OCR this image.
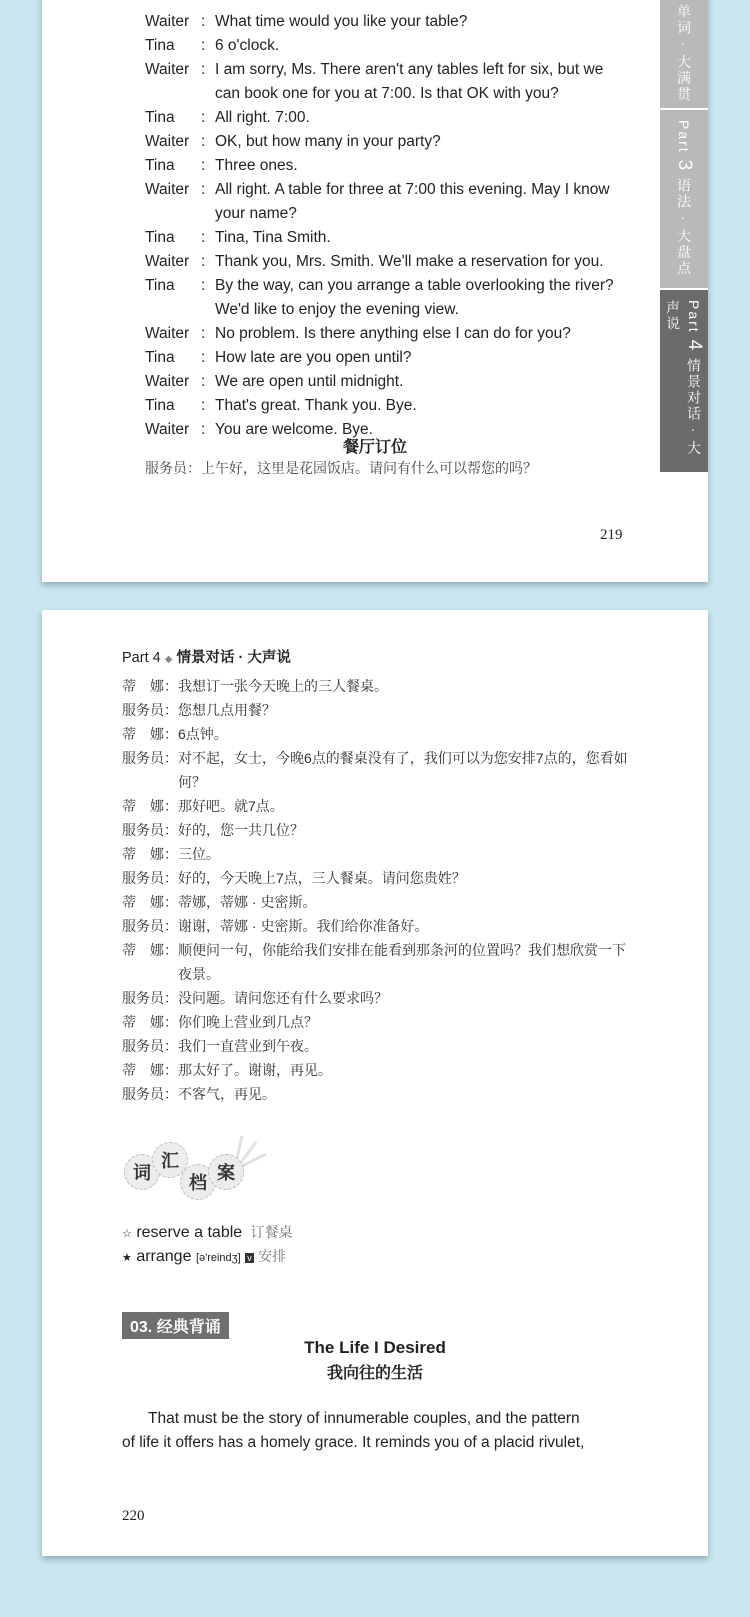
Waiter : What time would you like your table?
Tina	: 6 o'clock.
Waiter : I am sorry, Ms. There aren't any tables left for six, but we can book one for you at 7:00. Is that OK with you?
Tina	: All right. 7:00.
Waiter : OK, but how many in your party?
Tina	: Three ones.
Waiter : All right. A table for three at 7:00 this evening. May I know your name?
Tina	: Tina, Tina Smith.
Waiter : Thank you, Mrs. Smith. We'll make a reservation for you.
Tina	: By the way, can you arrange a table overlooking the river? We'd like to enjoy the evening view.
Waiter : No problem. Is there anything else I can do for you?
Tina	: How late are you open until?
Waiter : We are open until midnight.
Tina	: That's great. Thank you. Bye.
Waiter : You are welcome. Bye.
餐厅订位
服务员：上午好，这里是花园饭店。请问有什么可以帮您的吗？
219
单词 · 大满贯
Part 3 语法 · 大盘点
Part 4 情景对话 · 大声说
Part 4 ◆ 情景对话 · 大声说
蒂　娜： 我想订一张今天晚上的三人餐桌。
服务员： 您想几点用餐？
蒂　娜： 6点钟。
服务员： 对不起，女士，今晚6点的餐桌没有了，我们可以为您安排7点的，您看如何？
蒂　娜： 那好吧。就7点。
服务员： 好的，您一共几位？
蒂　娜： 三位。
服务员： 好的，今天晚上7点，三人餐桌。请问您贵姓？
蒂　娜： 蒂娜，蒂娜 · 史密斯。
服务员： 谢谢，蒂娜 · 史密斯。我们给你准备好。
蒂　娜： 顺便问一句，你能给我们安排在能看到那条河的位置吗？我们想欣赏一下夜景。
服务员： 没问题。请问您还有什么要求吗？
蒂　娜： 你们晚上营业到几点？
服务员： 我们一直营业到午夜。
蒂　娜： 那太好了。谢谢，再见。
服务员： 不客气，再见。
词
汇
档 案
☆ reserve a table 订餐桌
★ arrange [ə'reindʒ] v 安排
03. 经典背诵
The Life I Desired
我向往的生活
That must be the story of innumerable couples, and the pattern
of life it offers has a homely grace. It reminds you of a placid rivulet,
220
